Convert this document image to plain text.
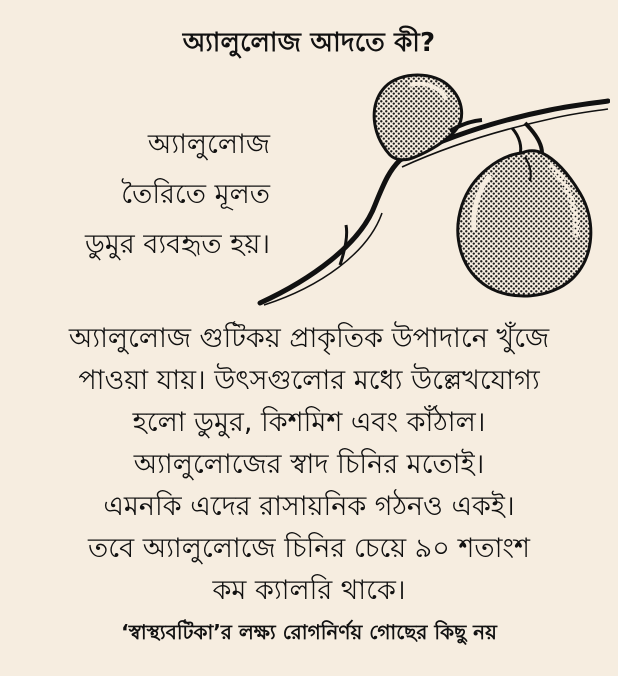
অ্যালুলোজ আদতে কী?
অ্যালুলোজ
তৈরিতে মূলত
ডুমুর ব্যবহৃত হয়।
অ্যালুলোজ গুটিকয় প্রাকৃতিক উপাদানে খুঁজে
পাওয়া যায়। উৎসগুলোর মধ্যে উল্লেখযোগ্য
হলো ডুমুর, কিশমিশ এবং কাঁঠাল।
অ্যালুলোজের স্বাদ চিনির মতোই।
এমনকি এদের রাসায়নিক গঠনও একই।
তবে অ্যালুলোজে চিনির চেয়ে ৯০ শতাংশ
কম ক্যালরি থাকে।
‘স্বাস্থ্যবটিকা’র লক্ষ্য রোগনির্ণয় গোছের কিছু নয়
